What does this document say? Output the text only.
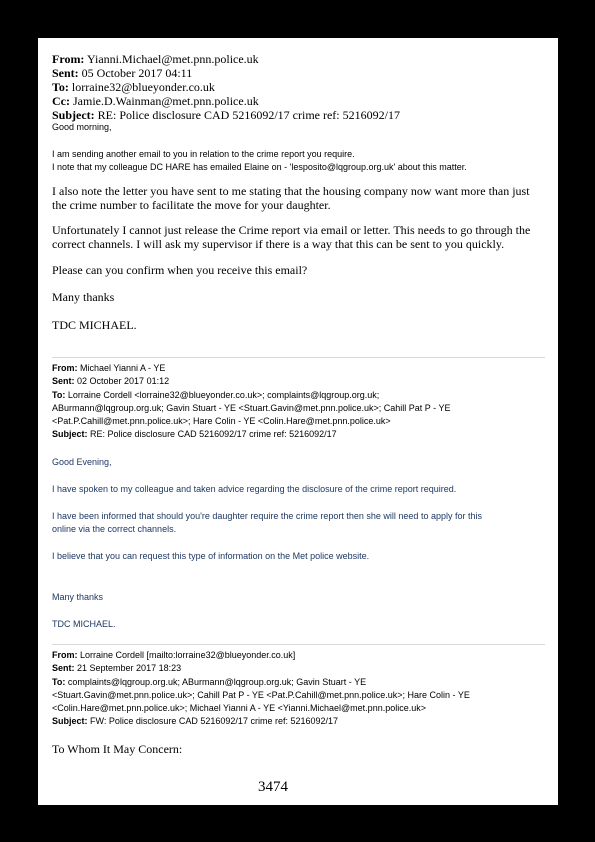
From: Yianni.Michael@met.pnn.police.uk

Sent: 05 October 2017 04:11

To: lorraine32@blueyonder.co.uk

Cc: Jamie.D.Wainman@met.pnn.police.uk

Subject: RE: Police disclosure CAD 5216092/17 crime ref: 5216092/17

Good morning,

I am sending another email to you in relation to the crime report you require.

I note that my colleague DC HARE has emailed Elaine on - 'lesposito@lqgroup.org.uk' about this matter.

I also note the letter you have sent to me stating that the housing company now want more than just

the crime number to facilitate the move for your daughter.

Unfortunately I cannot just release the Crime report via email or letter. This needs to go through the

correct channels. I will ask my supervisor if there is a way that this can be sent to you quickly.

Please can you confirm when you receive this email?

Many thanks

TDC MICHAEL.

From: Michael Yianni A - YE

Sent: 02 October 2017 01:12

To: Lorraine Cordell <lorraine32@blueyonder.co.uk>; complaints@lqgroup.org.uk;

ABurmann@lqgroup.org.uk; Gavin Stuart - YE <Stuart.Gavin@met.pnn.police.uk>; Cahill Pat P - YE

<Pat.P.Cahill@met.pnn.police.uk>; Hare Colin - YE <Colin.Hare@met.pnn.police.uk>

Subject: RE: Police disclosure CAD 5216092/17 crime ref: 5216092/17

Good Evening,

I have spoken to my colleague and taken advice regarding the disclosure of the crime report required.

I have been informed that should you're daughter require the crime report then she will need to apply for this

online via the correct channels.

I believe that you can request this type of information on the Met police website.

Many thanks

TDC MICHAEL.

From: Lorraine Cordell [mailto:lorraine32@blueyonder.co.uk]

Sent: 21 September 2017 18:23

To: complaints@lqgroup.org.uk; ABurmann@lqgroup.org.uk; Gavin Stuart - YE

<Stuart.Gavin@met.pnn.police.uk>; Cahill Pat P - YE <Pat.P.Cahill@met.pnn.police.uk>; Hare Colin - YE

<Colin.Hare@met.pnn.police.uk>; Michael Yianni A - YE <Yianni.Michael@met.pnn.police.uk>

Subject: FW: Police disclosure CAD 5216092/17 crime ref: 5216092/17

To Whom It May Concern:

3474
